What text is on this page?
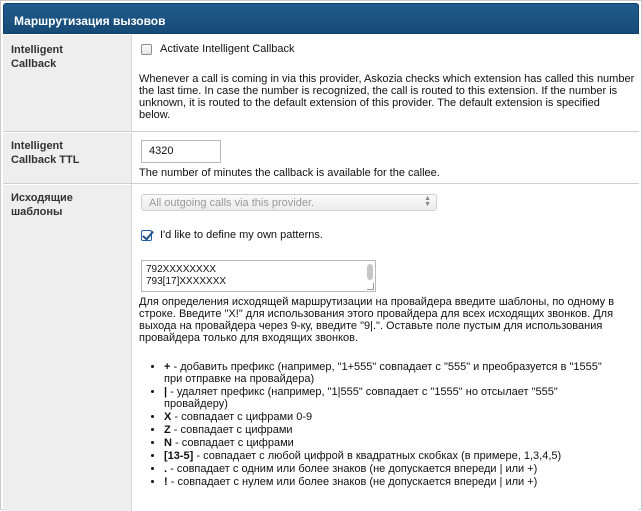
Маршрутизация вызовов
Intelligent
Callback
Activate Intelligent Callback
Whenever a call is coming in via this provider, Askozia checks which extension has called this number
the last time. In case the number is recognized, the call is routed to this extension. If the number is
unknown, it is routed to the default extension of this provider. The default extension is specified
below.
Intelligent
Callback TTL
4320
The number of minutes the callback is available for the callee.
Исходящие
шаблоны
All outgoing calls via this provider.	▲
▼
I'd like to define my own patterns.
792XXXXXXXX
793[17]XXXXXXX
Для определения исходящей маршрутизации на провайдера введите шаблоны, по одному в
строке. Введите "X!" для использования этого провайдера для всех исходящих звонков. Для
выхода на провайдера через 9-ку, введите "9|.". Оставьте поле пустым для использования
провайдера только для входящих звонков.
• + - добавить префикс (например, "1+555" совпадает с "555" и преобразуется в "1555"
при отправке на провайдера)
• | - удаляет префикс (например, "1|555" совпадает с "1555" но отсылает "555"
провайдеру)
• X - совпадает с цифрами 0-9
• Z - совпадает с цифрами
• N - совпадает с цифрами
• [13-5] - совпадает с любой цифрой в квадратных скобках (в примере, 1,3,4,5)
• . - совпадает с одним или более знаков (не допускается впереди | или +)
• ! - совпадает с нулем или более знаков (не допускается впереди | или +)
